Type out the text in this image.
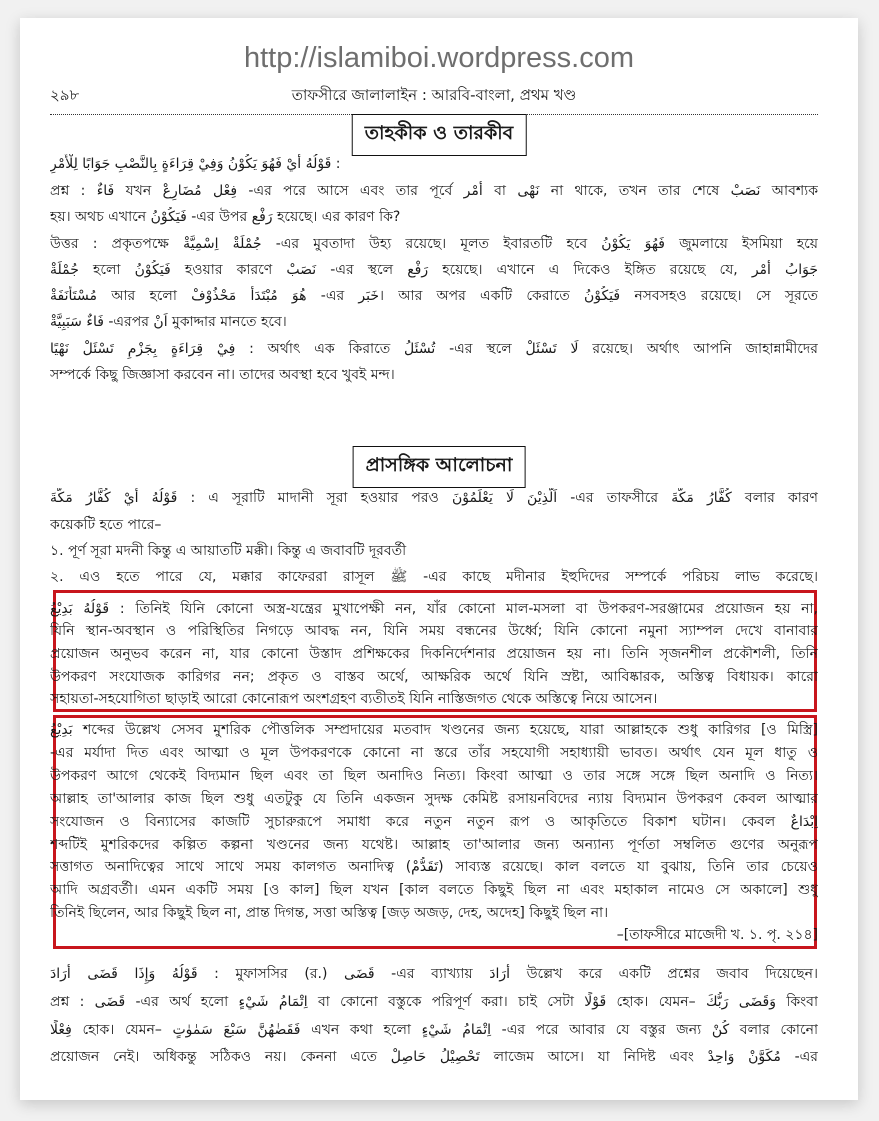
http://islamiboi.wordpress.com
২৯৮	তাফসীরে জালালাইন : আরবি-বাংলা, প্রথম খণ্ড
তাহকীক ও তারকীব
প্রাসঙ্গিক আলোচনা
قَوْلُهُ أَيْ فَهُوَ يَكُوْنُ وَفِيْ قِرَاءَةٍ بِالنَّصْبِ جَوَابًا لِلْأَمْرِ :
প্রশ্ন : فَاءٌ যখন فِعْل مُضَارِعْ -এর পরে আসে এবং তার পূর্বে أَمْر বা نَهْى না থাকে, তখন তার শেষে نَصَبْ আবশ্যক
হয়। অথচ এখানে فَيَكُوْنُ -এর উপর رَفْع হয়েছে। এর কারণ কি?
উত্তর : প্রকৃতপক্ষে جُمْلَةْ اِسْمِيَّةْ -এর মুবতাদা উহ্য রয়েছে। মূলত ইবারতটি হবে فَهُوَ يَكُوْنُ জুমলায়ে ইসমিয়া হয়ে
جُمْلَةْ হলো فَيَكُوْنُ হওয়ার কারণে نَصَبْ -এর স্থলে رَفْع হয়েছে। এখানে এ দিকেও ইঙ্গিত রয়েছে যে, جَوَابُ أَمْر
مُسْتَأْنَفَةْ আর হলো هُوَ مُبْتَدَأْ مَحْذُوْفْ -এর خَبَر। আর অপর একটি কেরাতে فَيَكُوْنُ নসবসহও রয়েছে। সে সূরতে
فَاءٌ سَبَبِيَّةْ -এরপর اَنْ মুকাদ্দার মানতে হবে।
فِيْ قِرَاءَةٍ بِجَزْمِ تَسْئَلْ نَهْيًا : অর্থাৎ এক কিরাতে تُسْئَلُ -এর স্থলে لَا تَسْئَلْ রয়েছে। অর্থাৎ আপনি জাহান্নামীদের
সম্পর্কে কিছু জিজ্ঞাসা করবেন না। তাদের অবস্থা হবে খুবই মন্দ।
قَوْلُهُ أَيْ كُفَّارُ مَكَّةَ : এ সূরাটি মাদানী সূরা হওয়ার পরও اَلَّذِيْنَ لَا يَعْلَمُوْنَ -এর তাফসীরে كُفَّارُ مَكَّةَ বলার কারণ
কয়েকটি হতে পারে–
১. পূর্ণ সূরা মদনী কিন্তু এ আয়াতটি মক্কী। কিন্তু এ জবাবটি দূরবর্তী
২. এও হতে পারে যে, মক্কার কাফেররা রাসূল ﷺ -এর কাছে মদীনার ইহুদিদের সম্পর্কে পরিচয় লাভ করেছে।
قَوْلُهُ بَدِيْعُ : তিনিই যিনি কোনো অস্ত্র-যন্ত্রের মুখাপেক্ষী নন, যাঁর কোনো মাল-মসলা বা উপকরণ-সরঞ্জামের প্রয়োজন হয় না,
যিনি স্থান-অবস্থান ও পরিস্থিতির নিগড়ে আবদ্ধ নন, যিনি সময় বন্ধনের উর্ধ্বে; যিনি কোনো নমুনা স্যাম্পল দেখে বানাবার
প্রয়োজন অনুভব করেন না, যার কোনো উস্তাদ প্রশিক্ষকের দিকনির্দেশনার প্রয়োজন হয় না। তিনি সৃজনশীল প্রকৌশলী, তিনি
উপকরণ সংযোজক কারিগর নন; প্রকৃত ও বাস্তব অর্থে, আক্ষরিক অর্থে যিনি স্রষ্টা, আবিষ্কারক, অস্তিত্ব বিধায়ক। কারো
সহায়তা-সহযোগিতা ছাড়াই আরো কোনোরূপ অংশগ্রহণ ব্যতীতই যিনি নাস্তিজগত থেকে অস্তিত্বে নিয়ে আসেন।
بَدِيْعُ শব্দের উল্লেখ সেসব মুশরিক পৌত্তলিক সম্প্রদায়ের মতবাদ খণ্ডনের জন্য হয়েছে, যারা আল্লাহকে শুধু কারিগর [ও মিস্ত্রি]
-এর মর্যাদা দিত এবং আত্মা ও মূল উপকরণকে কোনো না স্তরে তাঁর সহযোগী সহাধ্যায়ী ভাবত। অর্থাৎ যেন মূল ধাতু ও
উপকরণ আগে থেকেই বিদ্যমান ছিল এবং তা ছিল অনাদিও নিত্য। কিংবা আত্মা ও তার সঙ্গে সঙ্গে ছিল অনাদি ও নিত্য।
আল্লাহ তা'আলার কাজ ছিল শুধু এতটুকু যে তিনি একজন সুদক্ষ কেমিষ্ট রসায়নবিদের ন্যায় বিদ্যমান উপকরণ কেবল আত্মার
সংযোজন ও বিন্যাসের কাজটি সুচারুরূপে সমাধা করে নতুন নতুন রূপ ও আকৃতিতে বিকাশ ঘটান। কেবল اِبْدَاعٌ
শব্দটিই মুশরিকদের কল্পিত কল্পনা খণ্ডনের জন্য যথেষ্ট। আল্লাহ তা'আলার জন্য অন্যান্য পূর্ণতা সম্বলিত গুণের অনুরূপ
সত্তাগত অনাদিত্বের সাথে সাথে সময় কালগত অনাদিত্ব (تَقَدُّمْ) সাব্যস্ত রয়েছে। কাল বলতে যা বুঝায়, তিনি তার চেয়েও
আদি অগ্রবর্তী। এমন একটি সময় [ও কাল] ছিল যখন [কাল বলতে কিছুই ছিল না এবং মহাকাল নামেও সে অকালে] শুধু
তিনিই ছিলেন, আর কিছুই ছিল না, প্রান্ত দিগন্ত, সত্তা অস্তিত্ব [জড় অজড়, দেহ, অদেহ] কিছুই ছিল না।
–[তাফসীরে মাজেদী খ. ১. পৃ. ২১৪]
قَوْلُهُ وَإِذَا قَضَى أَرَادَ : মুফাসসির (র.) قَضَى -এর ব্যাখ্যায় أَرَادَ উল্লেখ করে একটি প্রশ্নের জবাব দিয়েছেন।
প্রশ্ন : قَضَى -এর অর্থ হলো اِتْمَامُ شَيْءٍ বা কোনো বস্তুকে পরিপূর্ণ করা। চাই সেটা قَوْلًا হোক। যেমন– وَقَضَى رَبُّكَ কিংবা
فِعْلًا হোক। যেমন– فَقَضٰهُنَّ سَبْعَ سَمٰوٰتٍ এখন কথা হলো اِتْمَامُ شَيْءٍ -এর পরে আবার যে বস্তুর জন্য كُنْ বলার কোনো
প্রয়োজন নেই। অধিকন্তু সঠিকও নয়। কেননা এতে تَحْصِيْلُ حَاصِلْ লাজেম আসে। যা নিদিষ্ট এবং مُكَوَّنْ وَاحِدْ -এর
